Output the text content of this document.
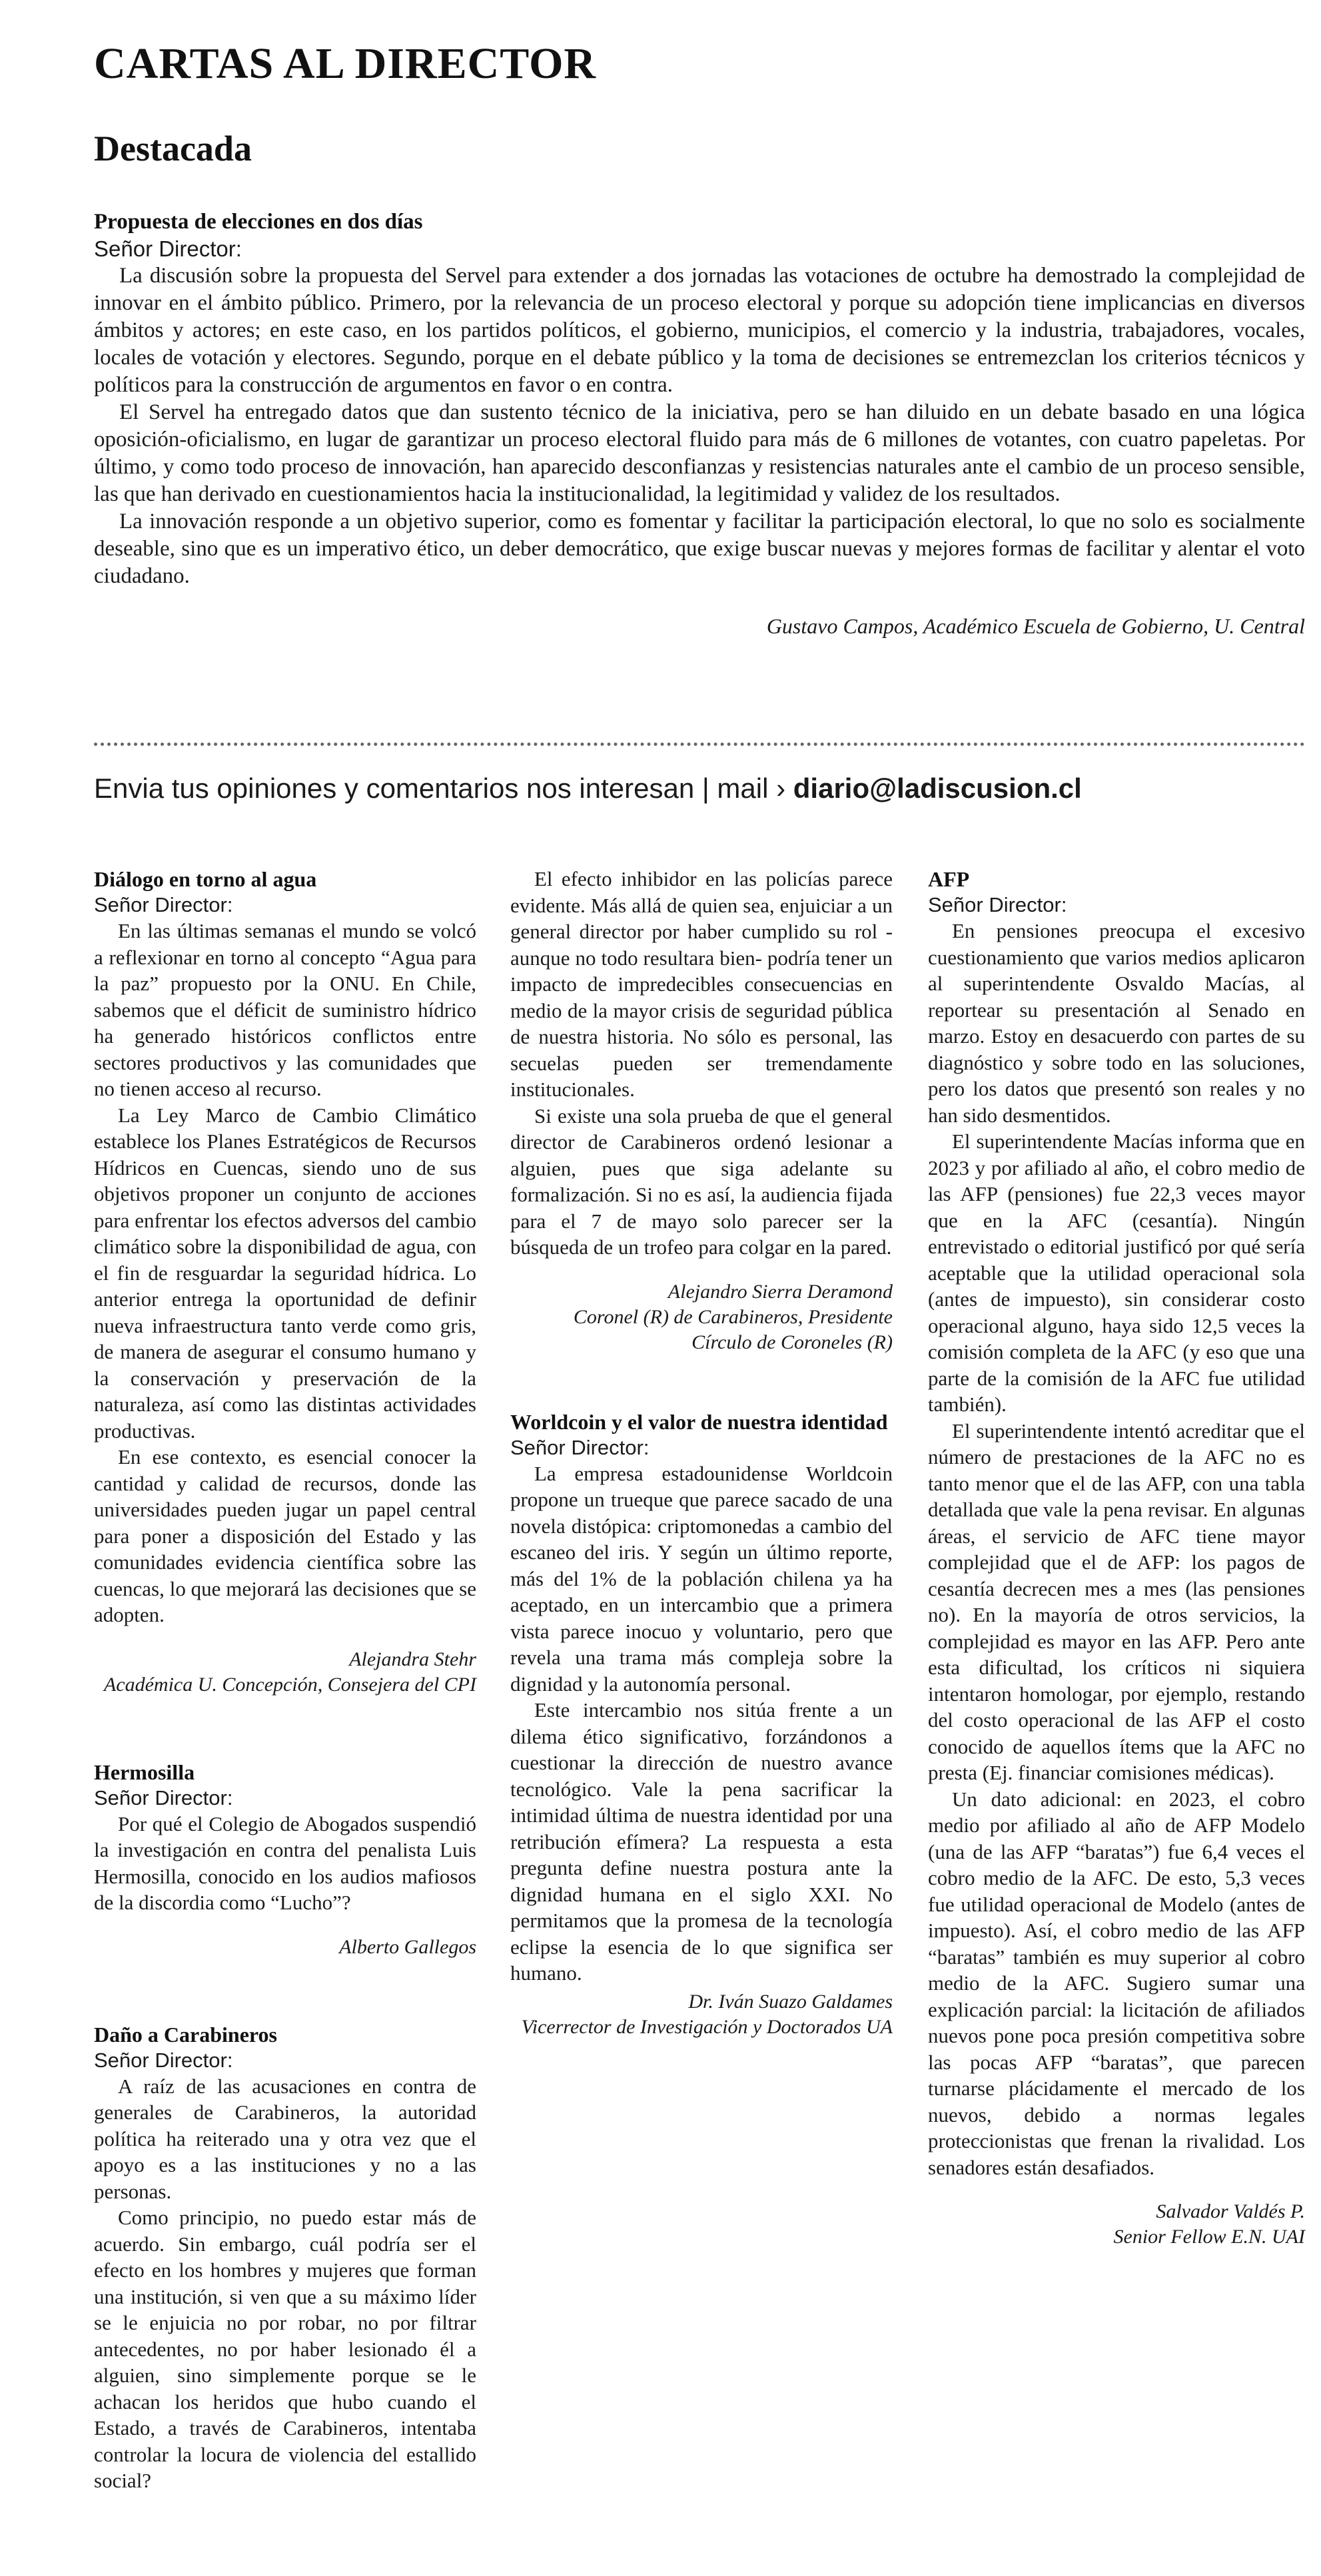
CARTAS AL DIRECTOR
Destacada
Propuesta de elecciones en dos días
Señor Director:

La discusión sobre la propuesta del Servel para extender a dos jornadas las votaciones de octubre ha demostrado la complejidad de innovar en el ámbito público. Primero, por la relevancia de un proceso electoral y porque su adopción tiene implicancias en diversos ámbitos y actores; en este caso, en los partidos políticos, el gobierno, municipios, el comercio y la industria, trabajadores, vocales, locales de votación y electores. Segundo, porque en el debate público y la toma de decisiones se entremezclan los criterios técnicos y políticos para la construcción de argumentos en favor o en contra.

El Servel ha entregado datos que dan sustento técnico de la iniciativa, pero se han diluido en un debate basado en una lógica oposición-oficialismo, en lugar de garantizar un proceso electoral fluido para más de 6 millones de votantes, con cuatro papeletas. Por último, y como todo proceso de innovación, han aparecido desconfianzas y resistencias naturales ante el cambio de un proceso sensible, las que han derivado en cuestionamientos hacia la institucionalidad, la legitimidad y validez de los resultados.

La innovación responde a un objetivo superior, como es fomentar y facilitar la participación electoral, lo que no solo es socialmente deseable, sino que es un imperativo ético, un deber democrático, que exige buscar nuevas y mejores formas de facilitar y alentar el voto ciudadano.

Gustavo Campos, Académico Escuela de Gobierno, U. Central
Envia tus opiniones y comentarios nos interesan | mail › diario@ladiscusion.cl
Diálogo en torno al agua
Señor Director:

En las últimas semanas el mundo se volcó a reflexionar en torno al concepto “Agua para la paz” propuesto por la ONU. En Chile, sabemos que el déficit de suministro hídrico ha generado históricos conflictos entre sectores productivos y las comunidades que no tienen acceso al recurso.

La Ley Marco de Cambio Climático establece los Planes Estratégicos de Recursos Hídricos en Cuencas, siendo uno de sus objetivos proponer un conjunto de acciones para enfrentar los efectos adversos del cambio climático sobre la disponibilidad de agua, con el fin de resguardar la seguridad hídrica. Lo anterior entrega la oportunidad de definir nueva infraestructura tanto verde como gris, de manera de asegurar el consumo humano y la conservación y preservación de la naturaleza, así como las distintas actividades productivas.

En ese contexto, es esencial conocer la cantidad y calidad de recursos, donde las universidades pueden jugar un papel central para poner a disposición del Estado y las comunidades evidencia científica sobre las cuencas, lo que mejorará las decisiones que se adopten.

Alejandra Stehr
Académica U. Concepción, Consejera del CPI
Hermosilla
Señor Director:

Por qué el Colegio de Abogados suspendió la investigación en contra del penalista Luis Hermosilla, conocido en los audios mafiosos de la discordia como “Lucho”?

Alberto Gallegos
Daño a Carabineros
Señor Director:

A raíz de las acusaciones en contra de generales de Carabineros, la autoridad política ha reiterado una y otra vez que el apoyo es a las instituciones y no a las personas.

Como principio, no puedo estar más de acuerdo. Sin embargo, cuál podría ser el efecto en los hombres y mujeres que forman una institución, si ven que a su máximo líder se le enjuicia no por robar, no por filtrar antecedentes, no por haber lesionado él a alguien, sino simplemente porque se le achacan los heridos que hubo cuando el Estado, a través de Carabineros, intentaba controlar la locura de violencia del estallido social?

El efecto inhibidor en las policías parece evidente. Más allá de quien sea, enjuiciar a un general director por haber cumplido su rol -aunque no todo resultara bien- podría tener un impacto de impredecibles consecuencias en medio de la mayor crisis de seguridad pública de nuestra historia. No sólo es personal, las secuelas pueden ser tremendamente institucionales.

Si existe una sola prueba de que el general director de Carabineros ordenó lesionar a alguien, pues que siga adelante su formalización. Si no es así, la audiencia fijada para el 7 de mayo solo parecer ser la búsqueda de un trofeo para colgar en la pared.

Alejandro Sierra Deramond
Coronel (R) de Carabineros, Presidente Círculo de Coroneles (R)
Worldcoin y el valor de nuestra identidad
Señor Director:

La empresa estadounidense Worldcoin propone un trueque que parece sacado de una novela distópica: criptomonedas a cambio del escaneo del iris. Y según un último reporte, más del 1% de la población chilena ya ha aceptado, en un intercambio que a primera vista parece inocuo y voluntario, pero que revela una trama más compleja sobre la dignidad y la autonomía personal.

Este intercambio nos sitúa frente a un dilema ético significativo, forzándonos a cuestionar la dirección de nuestro avance tecnológico. Vale la pena sacrificar la intimidad última de nuestra identidad por una retribución efímera? La respuesta a esta pregunta define nuestra postura ante la dignidad humana en el siglo XXI. No permitamos que la promesa de la tecnología eclipse la esencia de lo que significa ser humano.

Dr. Iván Suazo Galdames
Vicerrector de Investigación y Doctorados UA
AFP
Señor Director:

En pensiones preocupa el excesivo cuestionamiento que varios medios aplicaron al superintendente Osvaldo Macías, al reportear su presentación al Senado en marzo. Estoy en desacuerdo con partes de su diagnóstico y sobre todo en las soluciones, pero los datos que presentó son reales y no han sido desmentidos.

El superintendente Macías informa que en 2023 y por afiliado al año, el cobro medio de las AFP (pensiones) fue 22,3 veces mayor que en la AFC (cesantía). Ningún entrevistado o editorial justificó por qué sería aceptable que la utilidad operacional sola (antes de impuesto), sin considerar costo operacional alguno, haya sido 12,5 veces la comisión completa de la AFC (y eso que una parte de la comisión de la AFC fue utilidad también).

El superintendente intentó acreditar que el número de prestaciones de la AFC no es tanto menor que el de las AFP, con una tabla detallada que vale la pena revisar. En algunas áreas, el servicio de AFC tiene mayor complejidad que el de AFP: los pagos de cesantía decrecen mes a mes (las pensiones no). En la mayoría de otros servicios, la complejidad es mayor en las AFP. Pero ante esta dificultad, los críticos ni siquiera intentaron homologar, por ejemplo, restando del costo operacional de las AFP el costo conocido de aquellos ítems que la AFC no presta (Ej. financiar comisiones médicas).

Un dato adicional: en 2023, el cobro medio por afiliado al año de AFP Modelo (una de las AFP “baratas”) fue 6,4 veces el cobro medio de la AFC. De esto, 5,3 veces fue utilidad operacional de Modelo (antes de impuesto). Así, el cobro medio de las AFP “baratas” también es muy superior al cobro medio de la AFC. Sugiero sumar una explicación parcial: la licitación de afiliados nuevos pone poca presión competitiva sobre las pocas AFP “baratas”, que parecen turnarse plácidamente el mercado de los nuevos, debido a normas legales proteccionistas que frenan la rivalidad. Los senadores están desafiados.

Salvador Valdés P.
Senior Fellow E.N. UAI
